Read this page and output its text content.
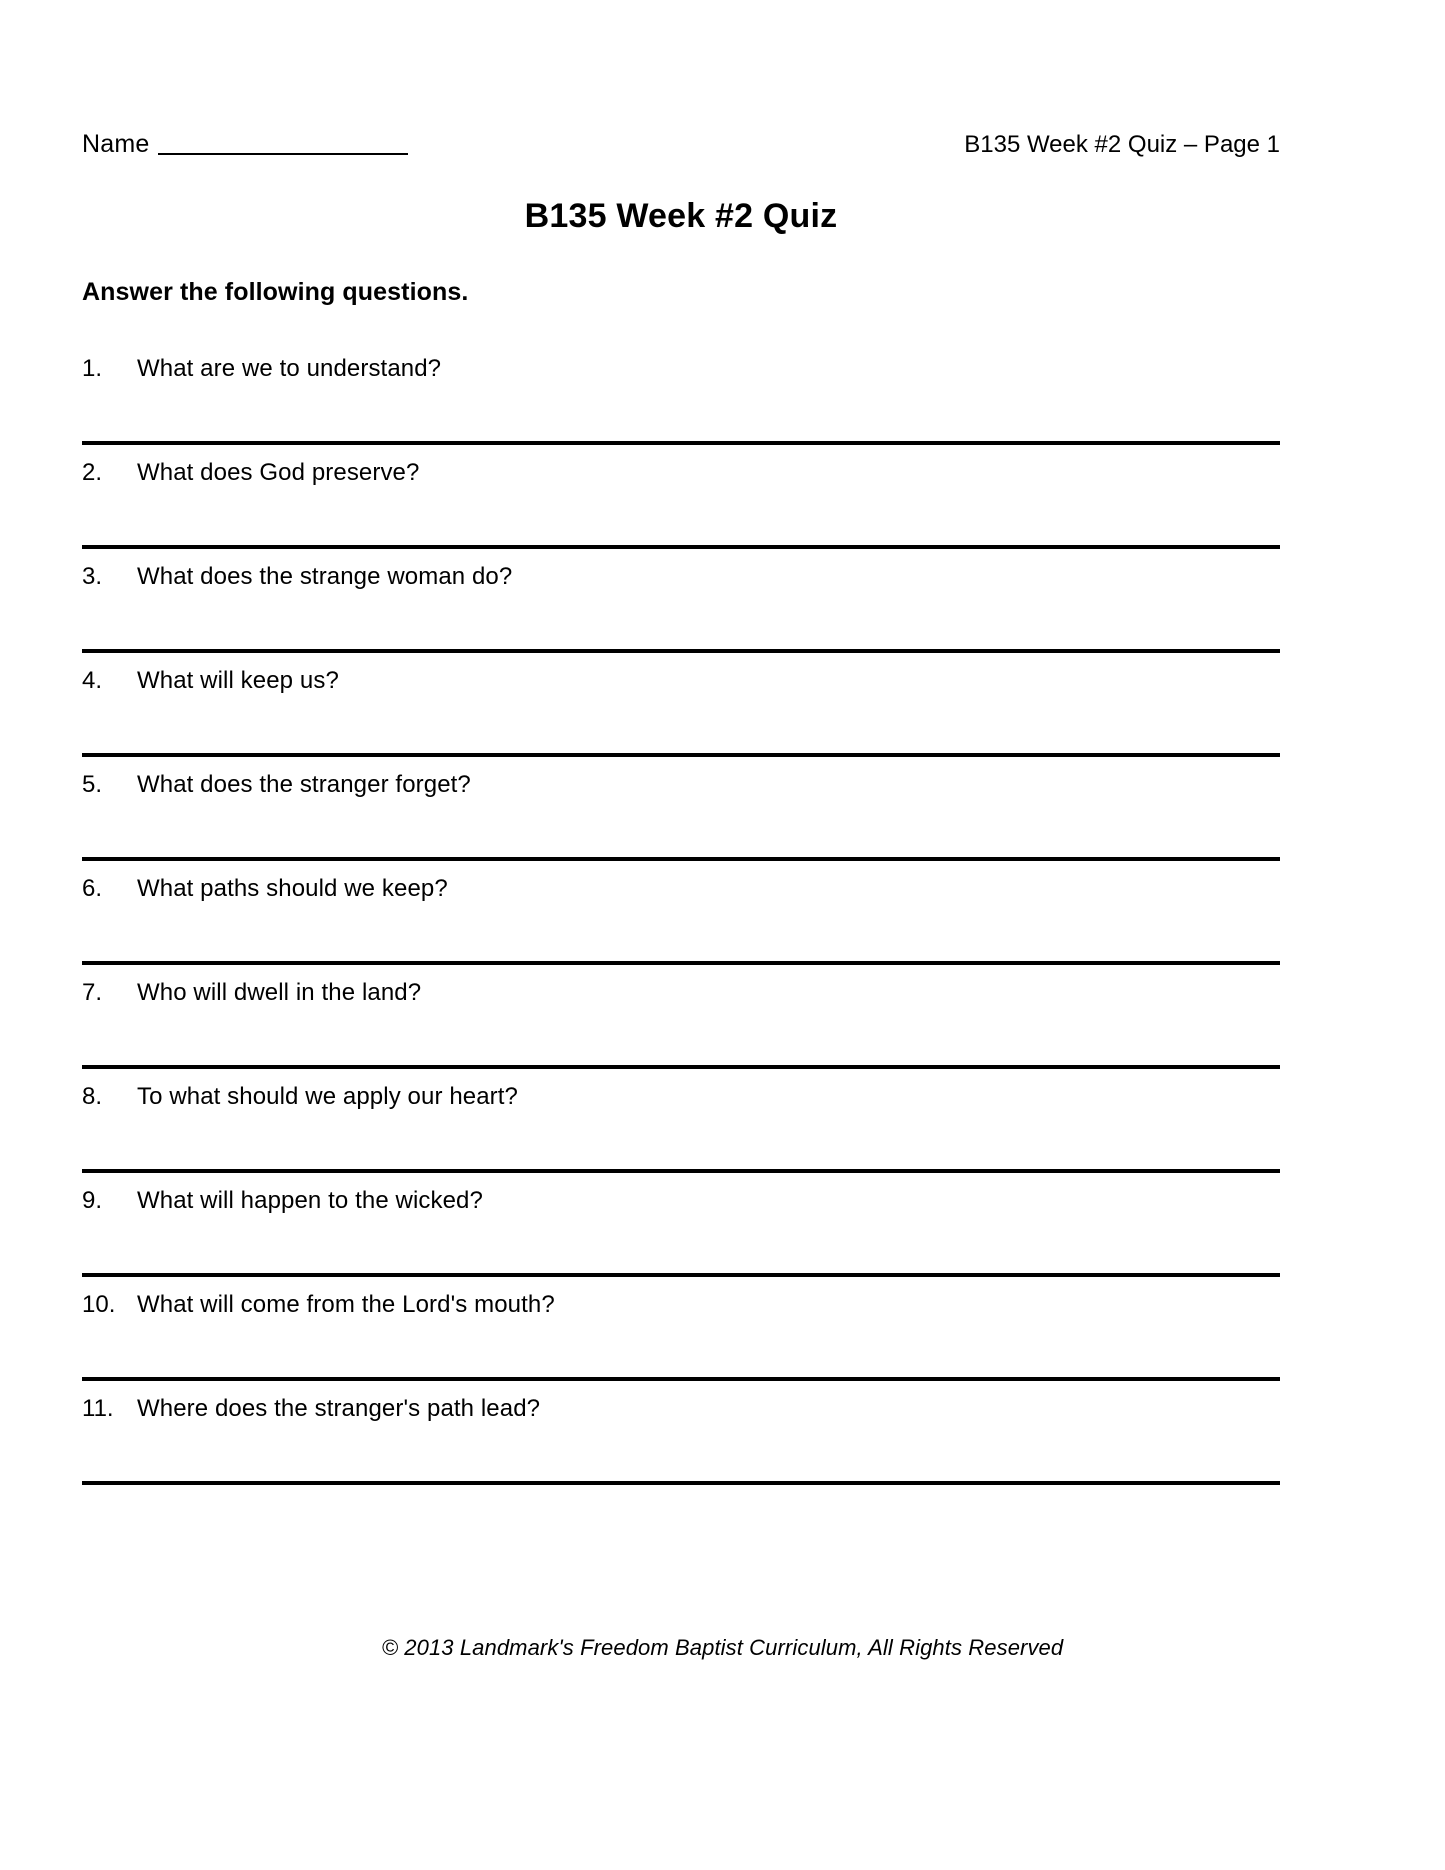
Name	B135 Week #2 Quiz – Page 1
B135 Week #2 Quiz
Answer the following questions.
1.	What are we to understand?
2.	What does God preserve?
3.	What does the strange woman do?
4.	What will keep us?
5.	What does the stranger forget?
6.	What paths should we keep?
7.	Who will dwell in the land?
8.	To what should we apply our heart?
9.	What will happen to the wicked?
10. What will come from the Lord's mouth?
11. Where does the stranger's path lead?
© 2013 Landmark's Freedom Baptist Curriculum, All Rights Reserved
